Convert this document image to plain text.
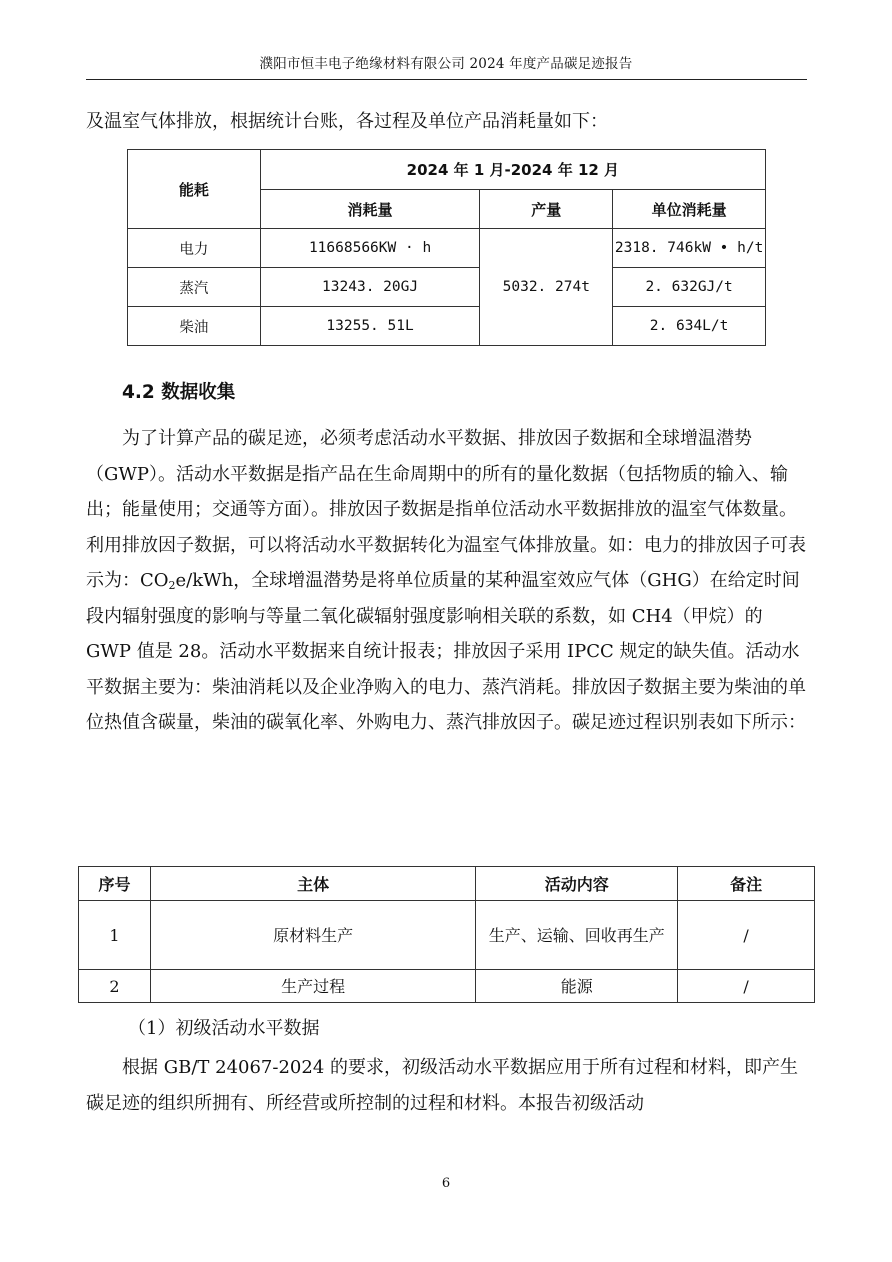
濮阳市恒丰电子绝缘材料有限公司 2024 年度产品碳足迹报告

及温室气体排放，根据统计台账，各过程及单位产品消耗量如下：

能耗	2024 年 1 月-2024 年 12 月		
	消耗量	产量	单位消耗量
电力	11668566KW · h	5032. 274t	2318. 746kW • h/t
蒸汽	13243. 20GJ		2. 632GJ/t
柴油	13255. 51L		2. 634L/t
4.2 数据收集

为了计算产品的碳足迹，必须考虑活动水平数据、排放因子数据和全球增温潜势（GWP）。活动水平数据是指产品在生命周期中的所有的量化数据（包括物质的输入、输出；能量使用；交通等方面）。排放因子数据是指单位活动水平数据排放的温室气体数量。利用排放因子数据，可以将活动水平数据转化为温室气体排放量。如：电力的排放因子可表示为：$CO_2e$/kWh，全球增温潜势是将单位质量的某种温室效应气体（GHG）在给定时间段内辐射强度的影响与等量二氧化碳辐射强度影响相关联的系数，如 CH4（甲烷）的 GWP 值是 28。活动水平数据来自统计报表；排放因子采用 IPCC 规定的缺失值。活动水平数据主要为：柴油消耗以及企业净购入的电力、蒸汽消耗。排放因子数据主要为柴油的单位热值含碳量，柴油的碳氧化率、外购电力、蒸汽排放因子。碳足迹过程识别表如下所示：

序号	主体	活动内容	备注
1	原材料生产	生产、运输、回收再生产	/
2	生产过程	能源	/

（1）初级活动水平数据

根据 GB/T 24067-2024 的要求，初级活动水平数据应用于所有过程和材料，即产生碳足迹的组织所拥有、所经营或所控制的过程和材料。本报告初级活动

6
